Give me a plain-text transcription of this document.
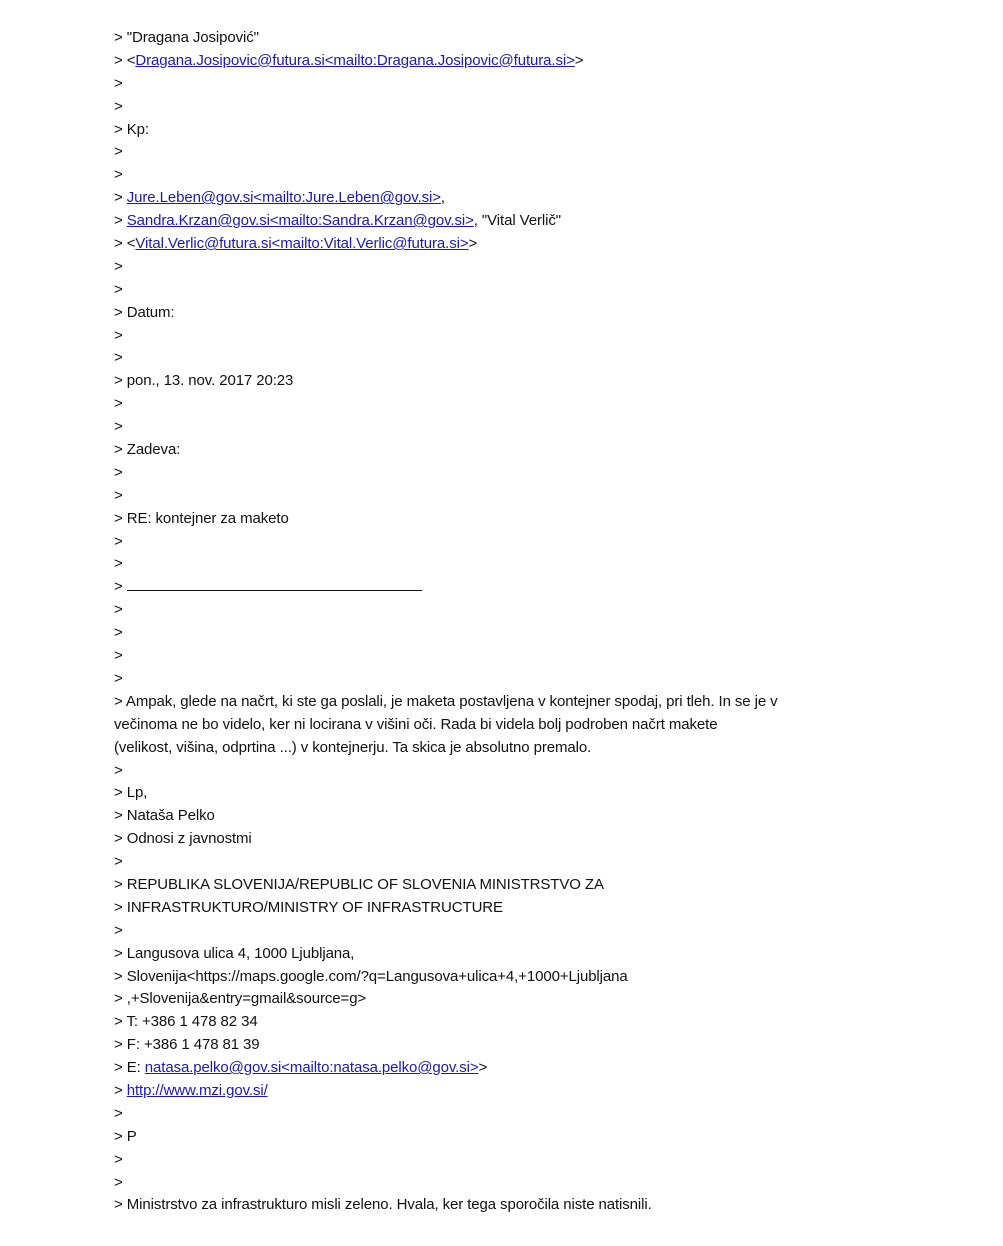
> "Dragana Josipović"
> <Dragana.Josipovic@futura.si<mailto:Dragana.Josipovic@futura.si>>
>
>
> Kp:
>
>
> Jure.Leben@gov.si<mailto:Jure.Leben@gov.si>,
> Sandra.Krzan@gov.si<mailto:Sandra.Krzan@gov.si>, "Vital Verlič"
> <Vital.Verlic@futura.si<mailto:Vital.Verlic@futura.si>>
>
>
> Datum:
>
>
> pon., 13. nov. 2017 20:23
>
>
> Zadeva:
>
>
> RE: kontejner za maketo
>
>
>
>
>
>
>
> Ampak, glede na načrt, ki ste ga poslali, je maketa postavljena v kontejner spodaj, pri tleh. In se je v
večinoma ne bo videlo, ker ni locirana v višini oči. Rada bi videla bolj podroben načrt makete
(velikost, višina, odprtina ...) v kontejnerju. Ta skica je absolutno premalo.
>
> Lp,
> Nataša Pelko
> Odnosi z javnostmi
>
> REPUBLIKA SLOVENIJA/REPUBLIC OF SLOVENIA MINISTRSTVO ZA
> INFRASTRUKTURO/MINISTRY OF INFRASTRUCTURE
>
> Langusova ulica 4, 1000 Ljubljana,
> Slovenija<https://maps.google.com/?q=Langusova+ulica+4,+1000+Ljubljana
> ,+Slovenija&entry=gmail&source=g>
> T: +386 1 478 82 34
> F: +386 1 478 81 39
> E: natasa.pelko@gov.si<mailto:natasa.pelko@gov.si>>
> http://www.mzi.gov.si/
>
> P
>
>
> Ministrstvo za infrastrukturo misli zeleno. Hvala, ker tega sporočila niste natisnili.
